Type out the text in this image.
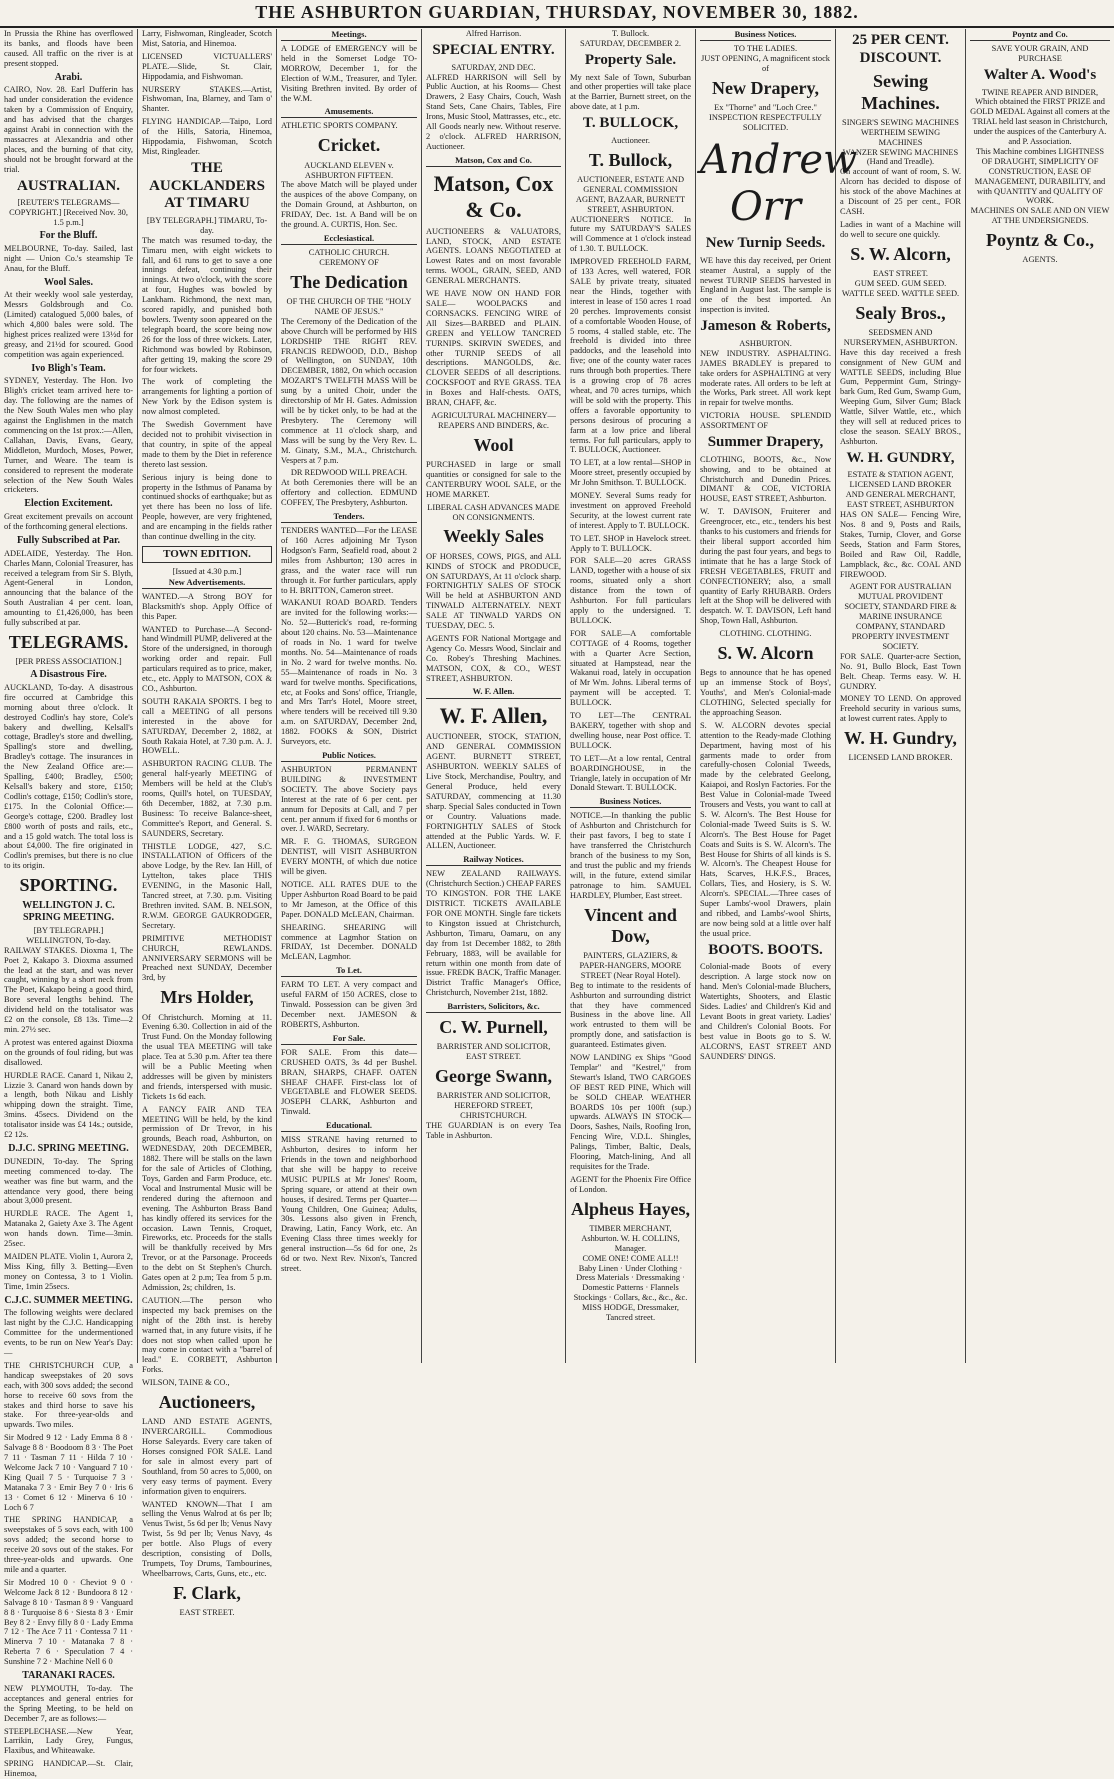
THE ASHBURTON GUARDIAN, THURSDAY, NOVEMBER 30, 1882.

In Prussia the Rhine has overflowed its banks, and floods have been caused. All traffic on the river is at present stopped.

Arabi.

CAIRO, Nov. 28. Earl Dufferin has had under consideration the evidence taken by a Commission of Enquiry, and has advised that the charges against Arabi in connection with the massacres at Alexandria and other places, and the burning of that city, should not be brought forward at the trial.

AUSTRALIAN.
[REUTER'S TELEGRAMS—COPYRIGHT.] [Received Nov. 30, 1.5 p.m.]
For the Bluff.

MELBOURNE, To-day. Sailed, last night — Union Co.'s steamship Te Anau, for the Bluff.

Wool Sales.

At their weekly wool sale yesterday, Messrs Goldsbrough and Co. (Limited) catalogued 5,000 bales, of which 4,800 bales were sold. The highest prices realized were 13½d for greasy, and 21½d for scoured. Good competition was again experienced.

Ivo Bligh's Team.

SYDNEY, Yesterday. The Hon. Ivo Bligh's cricket team arrived here to-day. The following are the names of the New South Wales men who play against the Englishmen in the match commencing on the 1st prox.:—Allen, Callahan, Davis, Evans, Geary, Middleton, Murdoch, Moses, Power, Turner, and Weare. The team is considered to represent the moderate selection of the New South Wales cricketers.

Election Excitement.

Great excitement prevails on account of the forthcoming general elections.

Fully Subscribed at Par.

ADELAIDE, Yesterday. The Hon. Charles Mann, Colonial Treasurer, has received a telegram from Sir S. Blyth, Agent-General in London, announcing that the balance of the South Australian 4 per cent. loan, amounting to £1,426,000, has been fully subscribed at par.

TELEGRAMS.
[PER PRESS ASSOCIATION.]
A Disastrous Fire.

AUCKLAND, To-day. A disastrous fire occurred at Cambridge this morning about three o'clock. It destroyed Codlin's hay store, Cole's bakery and dwelling, Kelsall's cottage, Bradley's store and dwelling, Spalling's store and dwelling, Bradley's cottage. The insurances in the New Zealand Office are:—Spalling, £400; Bradley, £500; Kelsall's bakery and store, £150; Codlin's cottage, £150; Codlin's store, £175. In the Colonial Office:—George's cottage, £200. Bradley lost £800 worth of posts and rails, etc., and a 15 gold watch. The total loss is about £4,000. The fire originated in Codlin's premises, but there is no clue to its origin.

SPORTING.
WELLINGTON J. C. SPRING MEETING.
[BY TELEGRAPH.] WELLINGTON, To-day.

RAILWAY STAKES. Dioxma 1, The Poet 2, Kakapo 3. Dioxma assumed the lead at the start, and was never caught, winning by a short neck from The Poet, Kakapo being a good third, Bore several lengths behind. The dividend held on the totalisator was £2 on the console, £8 13s. Time—2 min. 27½ sec.

A protest was entered against Dioxma on the grounds of foul riding, but was disallowed.

HURDLE RACE. Canard 1, Nikau 2, Lizzie 3. Canard won hands down by a length, both Nikau and Lishly whipping down the straight. Time, 3mins. 45secs. Dividend on the totalisator inside was £4 14s.; outside, £2 12s.

D.J.C. SPRING MEETING.

DUNEDIN, To-day. The Spring meeting commenced to-day. The weather was fine but warm, and the attendance very good, there being about 3,000 present.

HURDLE RACE. The Agent 1, Matanaka 2, Gaiety Axe 3. The Agent won hands down. Time—3min. 25sec.

MAIDEN PLATE. Violin 1, Aurora 2, Miss King, filly 3. Betting—Even money on Contessa, 3 to 1 Violin. Time, 1min 25secs.

C.J.C. SUMMER MEETING.

The following weights were declared last night by the C.J.C. Handicapping Committee for the undermentioned events, to be run on New Year's Day:—

THE CHRISTCHURCH CUP, a handicap sweepstakes of 20 sovs each, with 300 sovs added; the second horse to receive 60 sovs from the stakes and third horse to save his stake. For three-year-olds and upwards. Two miles.

Sir Modred 9 12 · Lady Emma 8 8 · Salvage 8 8 · Boodoom 8 3 · The Poet 7 11 · Tasman 7 11 · Hilda 7 10 · Welcome Jack 7 10 · Vanguard 7 10 · King Quail 7 5 · Turquoise 7 3 · Matanaka 7 3 · Emir Bey 7 0 · Iris 6 13 · Comet 6 12 · Minerva 6 10 · Loch 6 7

THE SPRING HANDICAP, a sweepstakes of 5 sovs each, with 100 sovs added; the second horse to receive 20 sovs out of the stakes. For three-year-olds and upwards. One mile and a quarter.

Sir Modred 10 0 · Cheviot 9 0 · Welcome Jack 8 12 · Bundoora 8 12 · Salvage 8 10 · Tasman 8 9 · Vanguard 8 8 · Turquoise 8 6 · Siesta 8 3 · Emir Bey 8 2 · Envy filly 8 0 · Lady Emma 7 12 · The Ace 7 11 · Contessa 7 11 · Minerva 7 10 · Matanaka 7 8 · Reberta 7 6 · Speculation 7 4 · Sunshine 7 2 · Machine Nell 6 0

TARANAKI RACES.

NEW PLYMOUTH, To-day. The acceptances and general entries for the Spring Meeting, to be held on December 7, are as follows:—

STEEPLECHASE.—New Year, Larrikin, Lady Grey, Fungus, Flaxibus, and Whiteawake.

SPRING HANDICAP.—St. Clair, Hinemoa,

Larry, Fishwoman, Ringleader, Scotch Mist, Satoria, and Hinemoa.

LICENSED VICTUALLERS' PLATE.—Slide, St. Clair, Hippodamia, and Fishwoman.

NURSERY STAKES.—Artist, Fishwoman, Ina, Blarney, and Tam o' Shanter.

FLYING HANDICAP.—Taipo, Lord of the Hills, Satoria, Hinemoa, Hippodamia, Fishwoman, Scotch Mist, Ringleader.

THE AUCKLANDERS AT TIMARU
[BY TELEGRAPH.] TIMARU, To-day.

The match was resumed to-day, the Timaru men, with eight wickets to fall, and 61 runs to get to save a one innings defeat, continuing their innings. At two o'clock, with the score at four, Hughes was bowled by Lankham. Richmond, the next man, scored rapidly, and punished both bowlers. Twenty soon appeared on the telegraph board, the score being now 26 for the loss of three wickets. Later, Richmond was bowled by Robinson, after getting 19, making the score 29 for four wickets.

The work of completing the arrangements for lighting a portion of New York by the Edison system is now almost completed.

The Swedish Government have decided not to prohibit vivisection in that country, in spite of the appeal made to them by the Diet in reference thereto last session.

Serious injury is being done to property in the Isthmus of Panama by continued shocks of earthquake; but as yet there has been no loss of life. People, however, are very frightened, and are encamping in the fields rather than continue dwelling in the city.

TOWN EDITION.
[Issued at 4.30 p.m.]
New Advertisements.

WANTED.—A Strong BOY for Blacksmith's shop. Apply Office of this Paper.

WANTED to Purchase—A Second-hand Windmill PUMP, delivered at the Store of the undersigned, in thorough working order and repair. Full particulars required as to price, maker, etc., etc. Apply to MATSON, COX & CO., Ashburton.

SOUTH RAKAIA SPORTS. I beg to call a MEETING of all persons interested in the above for SATURDAY, December 2, 1882, at South Rakaia Hotel, at 7.30 p.m. A. J. HOWELL.

ASHBURTON RACING CLUB. The general half-yearly MEETING of Members will be held at the Club's rooms, Quill's hotel, on TUESDAY, 6th December, 1882, at 7.30 p.m. Business: To receive Balance-sheet, Committee's Report, and General. S. SAUNDERS, Secretary.

THISTLE LODGE, 427, S.C. INSTALLATION of Officers of the above Lodge, by the Rev. Ian Hill, of Lyttelton, takes place THIS EVENING, in the Masonic Hall, Tancred street, at 7.30. p.m. Visiting Brethren invited. SAM. B. NELSON, R.W.M. GEORGE GAUKRODGER, Secretary.

PRIMITIVE METHODIST CHURCH, REWLANDS. ANNIVERSARY SERMONS will be Preached next SUNDAY, December 3rd, by

Mrs Holder,

Of Christchurch. Morning at 11. Evening 6.30. Collection in aid of the Trust Fund. On the Monday following the usual TEA MEETING will take place. Tea at 5.30 p.m. After tea there will be a Public Meeting when addresses will be given by ministers and friends, interspersed with music. Tickets 1s 6d each.

A FANCY FAIR AND TEA MEETING Will be held, by the kind permission of Dr Trevor, in his grounds, Beach road, Ashburton, on WEDNESDAY, 20th DECEMBER, 1882. There will be stalls on the lawn for the sale of Articles of Clothing, Toys, Garden and Farm Produce, etc. Vocal and Instrumental Music will be rendered during the afternoon and evening. The Ashburton Brass Band has kindly offered its services for the occasion. Lawn Tennis, Croquet, Fireworks, etc. Proceeds for the stalls will be thankfully received by Mrs Trevor, or at the Parsonage. Proceeds to the debt on St Stephen's Church. Gates open at 2 p.m; Tea from 5 p.m. Admission, 2s; children, 1s.

CAUTION.—The person who inspected my back premises on the night of the 28th inst. is hereby warned that, in any future visits, if he does not stop when called upon he may come in contact with a "barrel of lead." E. CORBETT, Ashburton Forks.

WILSON, TAINE & CO.,

Auctioneers,

LAND AND ESTATE AGENTS, INVERCARGILL. Commodious Horse Saleyards. Every care taken of Horses consigned FOR SALE. Land for sale in almost every part of Southland, from 50 acres to 5,000, on very easy terms of payment. Every information given to enquirers.

WANTED KNOWN—That I am selling the Venus Walrod at 6s per lb; Venus Twist, 5s 6d per lb; Venus Navy Twist, 5s 9d per lb; Venus Navy, 4s per bottle. Also Plugs of every description, consisting of Dolls, Trumpets, Toy Drums, Tambourines, Wheelbarrows, Carts, Guns, etc., etc.

F. Clark,
EAST STREET.
Meetings.

A LODGE of EMERGENCY will be held in the Somerset Lodge TO-MORROW, December 1, for the Election of W.M., Treasurer, and Tyler. Visiting Brethren invited. By order of the W.M.

Amusements.

ATHLETIC SPORTS COMPANY.

Cricket.
AUCKLAND ELEVEN v. ASHBURTON FIFTEEN.

The above Match will be played under the auspices of the above Company, on the Domain Ground, at Ashburton, on FRIDAY, Dec. 1st. A Band will be on the ground. A. CURTIS, Hon. Sec.

Ecclesiastical.
CATHOLIC CHURCH.
CEREMONY OF
The Dedication
OF THE CHURCH OF THE "HOLY NAME OF JESUS."

The Ceremony of the Dedication of the above Church will be performed by HIS LORDSHIP THE RIGHT REV. FRANCIS REDWOOD, D.D., Bishop of Wellington, on SUNDAY, 10th DECEMBER, 1882, On which occasion MOZART'S TWELFTH MASS Will be sung by a united Choir, under the directorship of Mr H. Gates. Admission will be by ticket only, to be had at the Presbytery. The Ceremony will commence at 11 o'clock sharp, and Mass will be sung by the Very Rev. L. M. Ginaty, S.M., M.A., Christchurch. Vespers at 7 p.m.

DR REDWOOD WILL PREACH.

At both Ceremonies there will be an offertory and collection. EDMUND COFFEY, The Presbytery, Ashburton.

Tenders.

TENDERS WANTED—For the LEASE of 160 Acres adjoining Mr Tyson Hodgson's Farm, Seafield road, about 2 miles from Ashburton; 130 acres in grass, and the water race will run through it. For further particulars, apply to H. BRITTON, Cameron street.

WAKANUI ROAD BOARD. Tenders are invited for the following works:— No. 52—Butterick's road, re-forming about 120 chains. No. 53—Maintenance of roads in No. 1 ward for twelve months. No. 54—Maintenance of roads in No. 2 ward for twelve months. No. 55—Maintenance of roads in No. 3 ward for twelve months. Specifications, etc, at Fooks and Sons' office, Triangle, and Mrs Tarr's Hotel, Moore street, where tenders will be received till 9.30 a.m. on SATURDAY, December 2nd, 1882. FOOKS & SON, District Surveyors, etc.

Public Notices.

ASHBURTON PERMANENT BUILDING & INVESTMENT SOCIETY. The above Society pays Interest at the rate of 6 per cent. per annum for Deposits at Call, and 7 per cent. per annum if fixed for 6 months or over. J. WARD, Secretary.

MR. F. G. THOMAS, SURGEON DENTIST, will VISIT ASHBURTON EVERY MONTH, of which due notice will be given.

NOTICE. ALL RATES DUE to the Upper Ashburton Road Board to be paid to Mr Jameson, at the Office of this Paper. DONALD McLEAN, Chairman.

SHEARING. SHEARING will commence at Lagmhor Station on FRIDAY, 1st December. DONALD McLEAN, Lagmhor.

To Let.

FARM TO LET. A very compact and useful FARM of 150 ACRES, close to Tinwald. Possession can be given 3rd December next. JAMESON & ROBERTS, Ashburton.

For Sale.

FOR SALE. From this date— CRUSHED OATS, 3s 4d per Bushel. BRAN, SHARPS, CHAFF. OATEN SHEAF CHAFF. First-class lot of VEGETABLE and FLOWER SEEDS. JOSEPH CLARK, Ashburton and Tinwald.

Educational.

MISS STRANE having returned to Ashburton, desires to inform her Friends in the town and neighborhood that she will be happy to receive MUSIC PUPILS at Mr Jones' Room, Spring square, or attend at their own houses, if desired. Terms per Quarter—Young Children, One Guinea; Adults, 30s. Lessons also given in French, Drawing, Latin, Fancy Work, etc. An Evening Class three times weekly for general instruction—5s 6d for one, 2s 6d or two. Next Rev. Nixon's, Tancred street.

Alfred Harrison.
SPECIAL ENTRY.
SATURDAY, 2ND DEC.

ALFRED HARRISON will Sell by Public Auction, at his Rooms— Chest Drawers, 2 Easy Chairs, Couch, Wash Stand Sets, Cane Chairs, Tables, Fire Irons, Music Stool, Mattrasses, etc., etc. All Goods nearly new. Without reserve. 2 o'clock. ALFRED HARRISON, Auctioneer.

Matson, Cox and Co.
Matson, Cox & Co.

AUCTIONEERS & VALUATORS, LAND, STOCK, AND ESTATE AGENTS. LOANS NEGOTIATED at Lowest Rates and on most favorable terms. WOOL, GRAIN, SEED, AND GENERAL MERCHANTS.

WE HAVE NOW ON HAND FOR SALE— WOOLPACKS and CORNSACKS. FENCING WIRE of All Sizes—BARBED and PLAIN. GREEN and YELLOW TANCRED TURNIPS. SKIRVIN SWEDES, and other TURNIP SEEDS of all descriptions. MANGOLDS, &c. CLOVER SEEDS of all descriptions. COCKSFOOT and RYE GRASS. TEA in Boxes and Half-chests. OATS, BRAN, CHAFF, &c.

AGRICULTURAL MACHINERY—REAPERS AND BINDERS, &c.
Wool

PURCHASED in large or small quantities or consigned for sale to the CANTERBURY WOOL SALE, or the HOME MARKET.

LIBERAL CASH ADVANCES MADE ON CONSIGNMENTS.
Weekly Sales

OF HORSES, COWS, PIGS, and ALL KINDS of STOCK and PRODUCE, ON SATURDAYS, At 11 o'clock sharp. FORTNIGHTLY SALES OF STOCK Will be held at ASHBURTON AND TINWALD ALTERNATELY. NEXT SALE AT TINWALD YARDS ON TUESDAY, DEC. 5.

AGENTS FOR National Mortgage and Agency Co. Messrs Wood, Sinclair and Co. Robey's Threshing Machines. MATSON, COX, & CO., WEST STREET, ASHBURTON.

W. F. Allen.
W. F. Allen,

AUCTIONEER, STOCK, STATION, AND GENERAL COMMISSION AGENT. BURNETT STREET, ASHBURTON. WEEKLY SALES of Live Stock, Merchandise, Poultry, and General Produce, held every SATURDAY, commencing at 11.30 sharp. Special Sales conducted in Town or Country. Valuations made. FORTNIGHTLY SALES of Stock attended at the Public Yards. W. F. ALLEN, Auctioneer.

Railway Notices.

NEW ZEALAND RAILWAYS. (Christchurch Section.) CHEAP FARES TO KINGSTON. FOR THE LAKE DISTRICT. TICKETS AVAILABLE FOR ONE MONTH. Single fare tickets to Kingston issued at Christchurch, Ashburton, Timaru, Oamaru, on any day from 1st December 1882, to 28th February, 1883, will be available for return within one month from date of issue. FREDK BACK, Traffic Manager. District Traffic Manager's Office, Christchurch, November 21st, 1882.

Barristers, Solicitors, &c.
C. W. Purnell,
BARRISTER AND SOLICITOR, EAST STREET.
George Swann,
BARRISTER AND SOLICITOR, HEREFORD STREET, CHRISTCHURCH.

THE GUARDIAN is on every Tea Table in Ashburton.

T. Bullock.
SATURDAY, DECEMBER 2.
Property Sale.

My next Sale of Town, Suburban and other properties will take place at the Barrier, Burnett street, on the above date, at 1 p.m.

T. BULLOCK,
Auctioneer.
T. Bullock,
AUCTIONEER, ESTATE AND GENERAL COMMISSION AGENT, BAZAAR, BURNETT STREET, ASHBURTON.

AUCTIONEER'S NOTICE. In future my SATURDAY'S SALES will Commence at 1 o'clock instead of 1.30. T. BULLOCK.

IMPROVED FREEHOLD FARM, of 133 Acres, well watered, FOR SALE by private treaty, situated near the Hinds, together with interest in lease of 150 acres 1 road 20 perches. Improvements consist of a comfortable Wooden House, of 5 rooms, 4 stalled stable, etc. The freehold is divided into three paddocks, and the leasehold into five; one of the county water races runs through both properties. There is a growing crop of 78 acres wheat, and 70 acres turnips, which will be sold with the property. This offers a favorable opportunity to persons desirous of procuring a farm at a low price and liberal terms. For full particulars, apply to T. BULLOCK, Auctioneer.

TO LET, at a low rental—SHOP in Moore street, presently occupied by Mr John Smithson. T. BULLOCK.

MONEY. Several Sums ready for investment on approved Freehold Security, at the lowest current rate of interest. Apply to T. BULLOCK.

TO LET. SHOP in Havelock street. Apply to T. BULLOCK.

FOR SALE—20 acres GRASS LAND, together with a house of six rooms, situated only a short distance from the town of Ashburton. For full particulars apply to the undersigned. T. BULLOCK.

FOR SALE—A comfortable COTTAGE of 4 Rooms, together with a Quarter Acre Section, situated at Hampstead, near the Wakanui road, lately in occupation of Mr Wm. Johns. Liberal terms of payment will be accepted. T. BULLOCK.

TO LET—The CENTRAL BAKERY, together with shop and dwelling house, near Post office. T. BULLOCK.

TO LET—At a low rental, Central BOARDINGHOUSE, in the Triangle, lately in occupation of Mr Donald Stewart. T. BULLOCK.

Business Notices.

NOTICE.—In thanking the public of Ashburton and Christchurch for their past favors, I beg to state I have transferred the Christchurch branch of the business to my Son, and trust the public and my friends will, in the future, extend similar patronage to him. SAMUEL HARDLEY, Plumber, East street.

Vincent and Dow,
PAINTERS, GLAZIERS, & PAPER-HANGERS, MOORE STREET (Near Royal Hotel).

Beg to intimate to the residents of Ashburton and surrounding district that they have commenced Business in the above line. All work entrusted to them will be promptly done, and satisfaction is guaranteed. Estimates given.

NOW LANDING ex Ships "Good Templar" and "Kestrel," from Stewart's Island, TWO CARGOES OF BEST RED PINE, Which will be SOLD CHEAP. WEATHER BOARDS 10s per 100ft (sup.) upwards. ALWAYS IN STOCK— Doors, Sashes, Nails, Roofing Iron, Fencing Wire, V.D.L. Shingles, Palings, Timber, Baltic, Deals, Flooring, Match-lining, And all requisites for the Trade.

AGENT for the Phoenix Fire Office of London.

Alpheus Hayes,
TIMBER MERCHANT, Ashburton. W. H. COLLINS, Manager.
COME ONE! COME ALL!!
Baby Linen · Under Clothing · Dress Materials · Dressmaking · Domestic Patterns · Flannels Stockings · Collars, &c., &c., &c.
MISS HODGE, Dressmaker, Tancred street.
Business Notices.
TO THE LADIES.
JUST OPENING, A magnificent stock of
New Drapery,
Ex "Thorne" and "Loch Cree."
INSPECTION RESPECTFULLY SOLICITED.
Andrew Orr
New Turnip Seeds.

WE have this day received, per Orient steamer Austral, a supply of the newest TURNIP SEEDS harvested in England in August last. The sample is one of the best imported. An inspection is invited.

Jameson & Roberts,
ASHBURTON.

NEW INDUSTRY. ASPHALTING. JAMES BRADLEY is prepared to take orders for ASPHALTING at very moderate rates. All orders to be left at the Works, Park street. All work kept in repair for twelve months.

VICTORIA HOUSE. SPLENDID ASSORTMENT OF

Summer Drapery,

CLOTHING, BOOTS, &c., Now showing, and to be obtained at Christchurch and Dunedin Prices. DIMANT & COE, VICTORIA HOUSE, EAST STREET, Ashburton.

W. T. DAVISON, Fruiterer and Greengrocer, etc., etc., tenders his best thanks to his customers and friends for their liberal support accorded him during the past four years, and begs to intimate that he has a large Stock of FRESH VEGETABLES, FRUIT and CONFECTIONERY; also, a small quantity of Early RHUBARB. Orders left at the Shop will be delivered with despatch. W. T. DAVISON, Left hand Shop, Town Hall, Ashburton.

CLOTHING. CLOTHING.
S. W. Alcorn

Begs to announce that he has opened up an immense Stock of Boys', Youths', and Men's Colonial-made CLOTHING, Selected specially for the approaching Season.

S. W. ALCORN devotes special attention to the Ready-made Clothing Department, having most of his garments made to order from carefully-chosen Colonial Tweeds, made by the celebrated Geelong, Kaiapoi, and Roslyn Factories. For the Best Value in Colonial-made Tweed Trousers and Vests, you want to call at S. W. Alcorn's. The Best House for Colonial-made Tweed Suits is S. W. Alcorn's. The Best House for Paget Coats and Suits is S. W. Alcorn's. The Best House for Shirts of all kinds is S. W. Alcorn's. The Cheapest House for Hats, Scarves, H.K.F.S., Braces, Collars, Ties, and Hosiery, is S. W. Alcorn's. SPECIAL.—Three cases of Super Lambs'-wool Drawers, plain and ribbed, and Lambs'-wool Shirts, are now being sold at a little over half the usual price.

BOOTS. BOOTS.

Colonial-made Boots of every description. A large stock now on hand. Men's Colonial-made Bluchers, Watertights, Shooters, and Elastic Sides. Ladies' and Children's Kid and Levant Boots in great variety. Ladies' and Children's Colonial Boots. For best value in Boots go to S. W. ALCORN'S, EAST STREET AND SAUNDERS' DINGS.

25 PER CENT. DISCOUNT.
Sewing Machines.
SINGER'S SEWING MACHINES
WERTHEIM SEWING MACHINES
WANZER SEWING MACHINES
(Hand and Treadle).

On account of want of room, S. W. Alcorn has decided to dispose of his stock of the above Machines at a Discount of 25 per cent., FOR CASH.

Ladies in want of a Machine will do well to secure one quickly.

S. W. Alcorn,
EAST STREET.
GUM SEED. GUM SEED. WATTLE SEED. WATTLE SEED.
Sealy Bros.,
SEEDSMEN AND NURSERYMEN, ASHBURTON.

Have this day received a fresh consignment of New GUM and WATTLE SEEDS, including Blue Gum, Peppermint Gum, Stringy-bark Gum, Red Gum, Swamp Gum, Weeping Gum, Silver Gum; Black Wattle, Silver Wattle, etc., which they will sell at reduced prices to close the season. SEALY BROS., Ashburton.

W. H. GUNDRY,
ESTATE & STATION AGENT, LICENSED LAND BROKER AND GENERAL MERCHANT, EAST STREET, ASHBURTON

HAS ON SALE— Fencing Wire, Nos. 8 and 9, Posts and Rails, Stakes, Turnip, Clover, and Gorse Seeds, Station and Farm Stores, Boiled and Raw Oil, Raddle, Lampblack, &c., &c. COAL AND FIREWOOD.

AGENT FOR AUSTRALIAN MUTUAL PROVIDENT SOCIETY, STANDARD FIRE & MARINE INSURANCE COMPANY, STANDARD PROPERTY INVESTMENT SOCIETY.

FOR SALE. Quarter-acre Section, No. 91, Bullo Block, East Town Belt. Cheap. Terms easy. W. H. GUNDRY.

MONEY TO LEND. On approved Freehold security in various sums, at lowest current rates. Apply to

W. H. Gundry,
LICENSED LAND BROKER.
Poyntz and Co.
SAVE YOUR GRAIN, AND PURCHASE
Walter A. Wood's
TWINE REAPER AND BINDER,
Which obtained the FIRST PRIZE and GOLD MEDAL Against all comers at the TRIAL held last season in Christchurch, under the auspices of the Canterbury A. and P. Association.
This Machine combines LIGHTNESS OF DRAUGHT, SIMPLICITY OF CONSTRUCTION, EASE OF MANAGEMENT, DURABILITY, and with QUANTITY and QUALITY OF WORK.
MACHINES ON SALE AND ON VIEW AT THE UNDERSIGNEDS.
Poyntz & Co.,
AGENTS.
